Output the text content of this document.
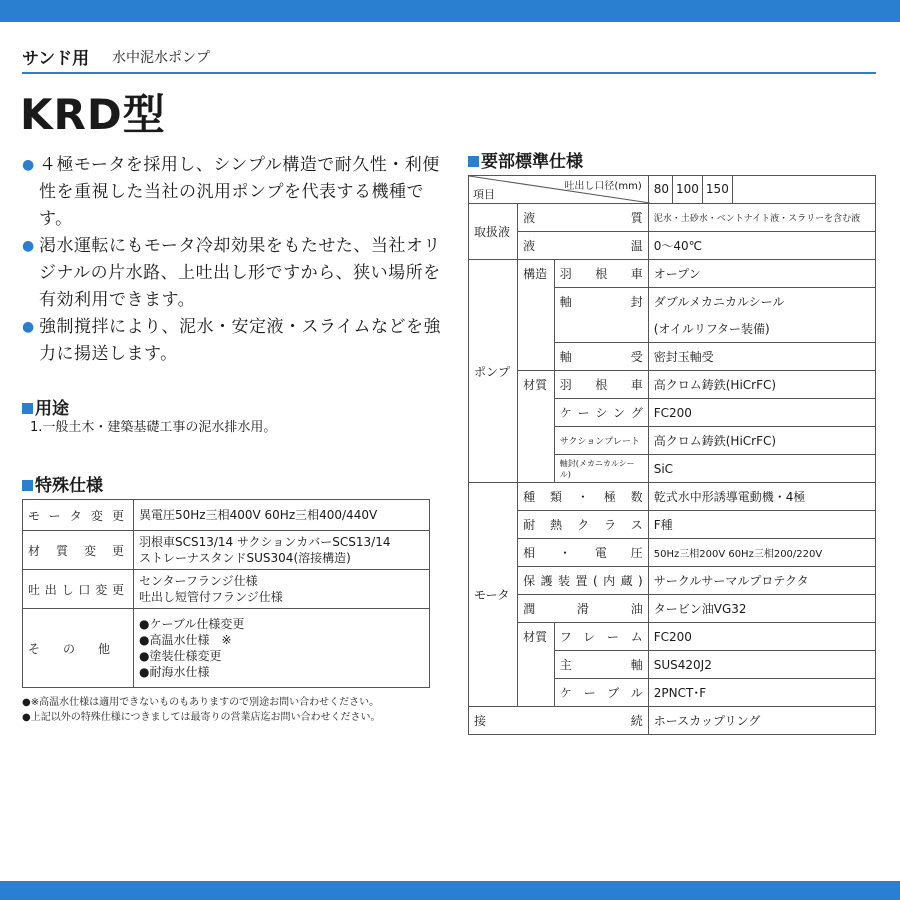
サンド用 水中泥水ポンプ
KRD型
● ４極モータを採用し、シンプル構造で耐久性・利便性を重視した当社の汎用ポンプを代表する機種です。
● 渇水運転にもモータ冷却効果をもたせた、当社オリジナルの片水路、上吐出し形ですから、狭い場所を有効利用できます。
● 強制撹拌により、泥水・安定液・スライムなどを強力に揚送します。
用途
1.一般土木・建築基礎工事の泥水排水用。
特殊仕様
モータ変更	異電圧50Hz三相400V 60Hz三相400/440V
材質変更	羽根車SCS13/14 サクションカバーSCS13/14
ストレーナスタンドSUS304(溶接構造)

吐出し口変更	センターフランジ仕様
吐出し短管付フランジ仕様

その他	●ケーブル仕様変更
●高温水仕様　※
●塗装仕様変更
●耐海水仕様
●※高温水仕様は適用できないものもありますので別途お問い合わせください。
●上記以外の特殊仕様につきましては最寄りの営業店迄お問い合わせください。
要部標準仕様
吐出し口径(mm)
項目			80 100 150
取扱液	液質		泥水・土砂水・ベントナイト液・スラリーを含む液
	液温		0〜40℃
ポンプ	構造	羽根車	オープン
		軸封	ダブルメカニカルシール
			(オイルリフター装備)
		軸受	密封玉軸受
	材質	羽根車	高クロム鋳鉄(HiCrFC)
		ケーシング	FC200
		サクションプレート	高クロム鋳鉄(HiCrFC)
		軸封(メカニカルシール)	SiC
モータ	種類・極数		乾式水中形誘導電動機・4極
	耐熱クラス		F種
	相・電圧		50Hz三相200V 60Hz三相200/220V
	保護装置(内蔵)		サークルサーマルプロテクタ
	潤滑油		タービン油VG32
	材質	フレーム	FC200
		主軸	SUS420J2
		ケーブル	2PNCT･F
接続			ホースカップリング
